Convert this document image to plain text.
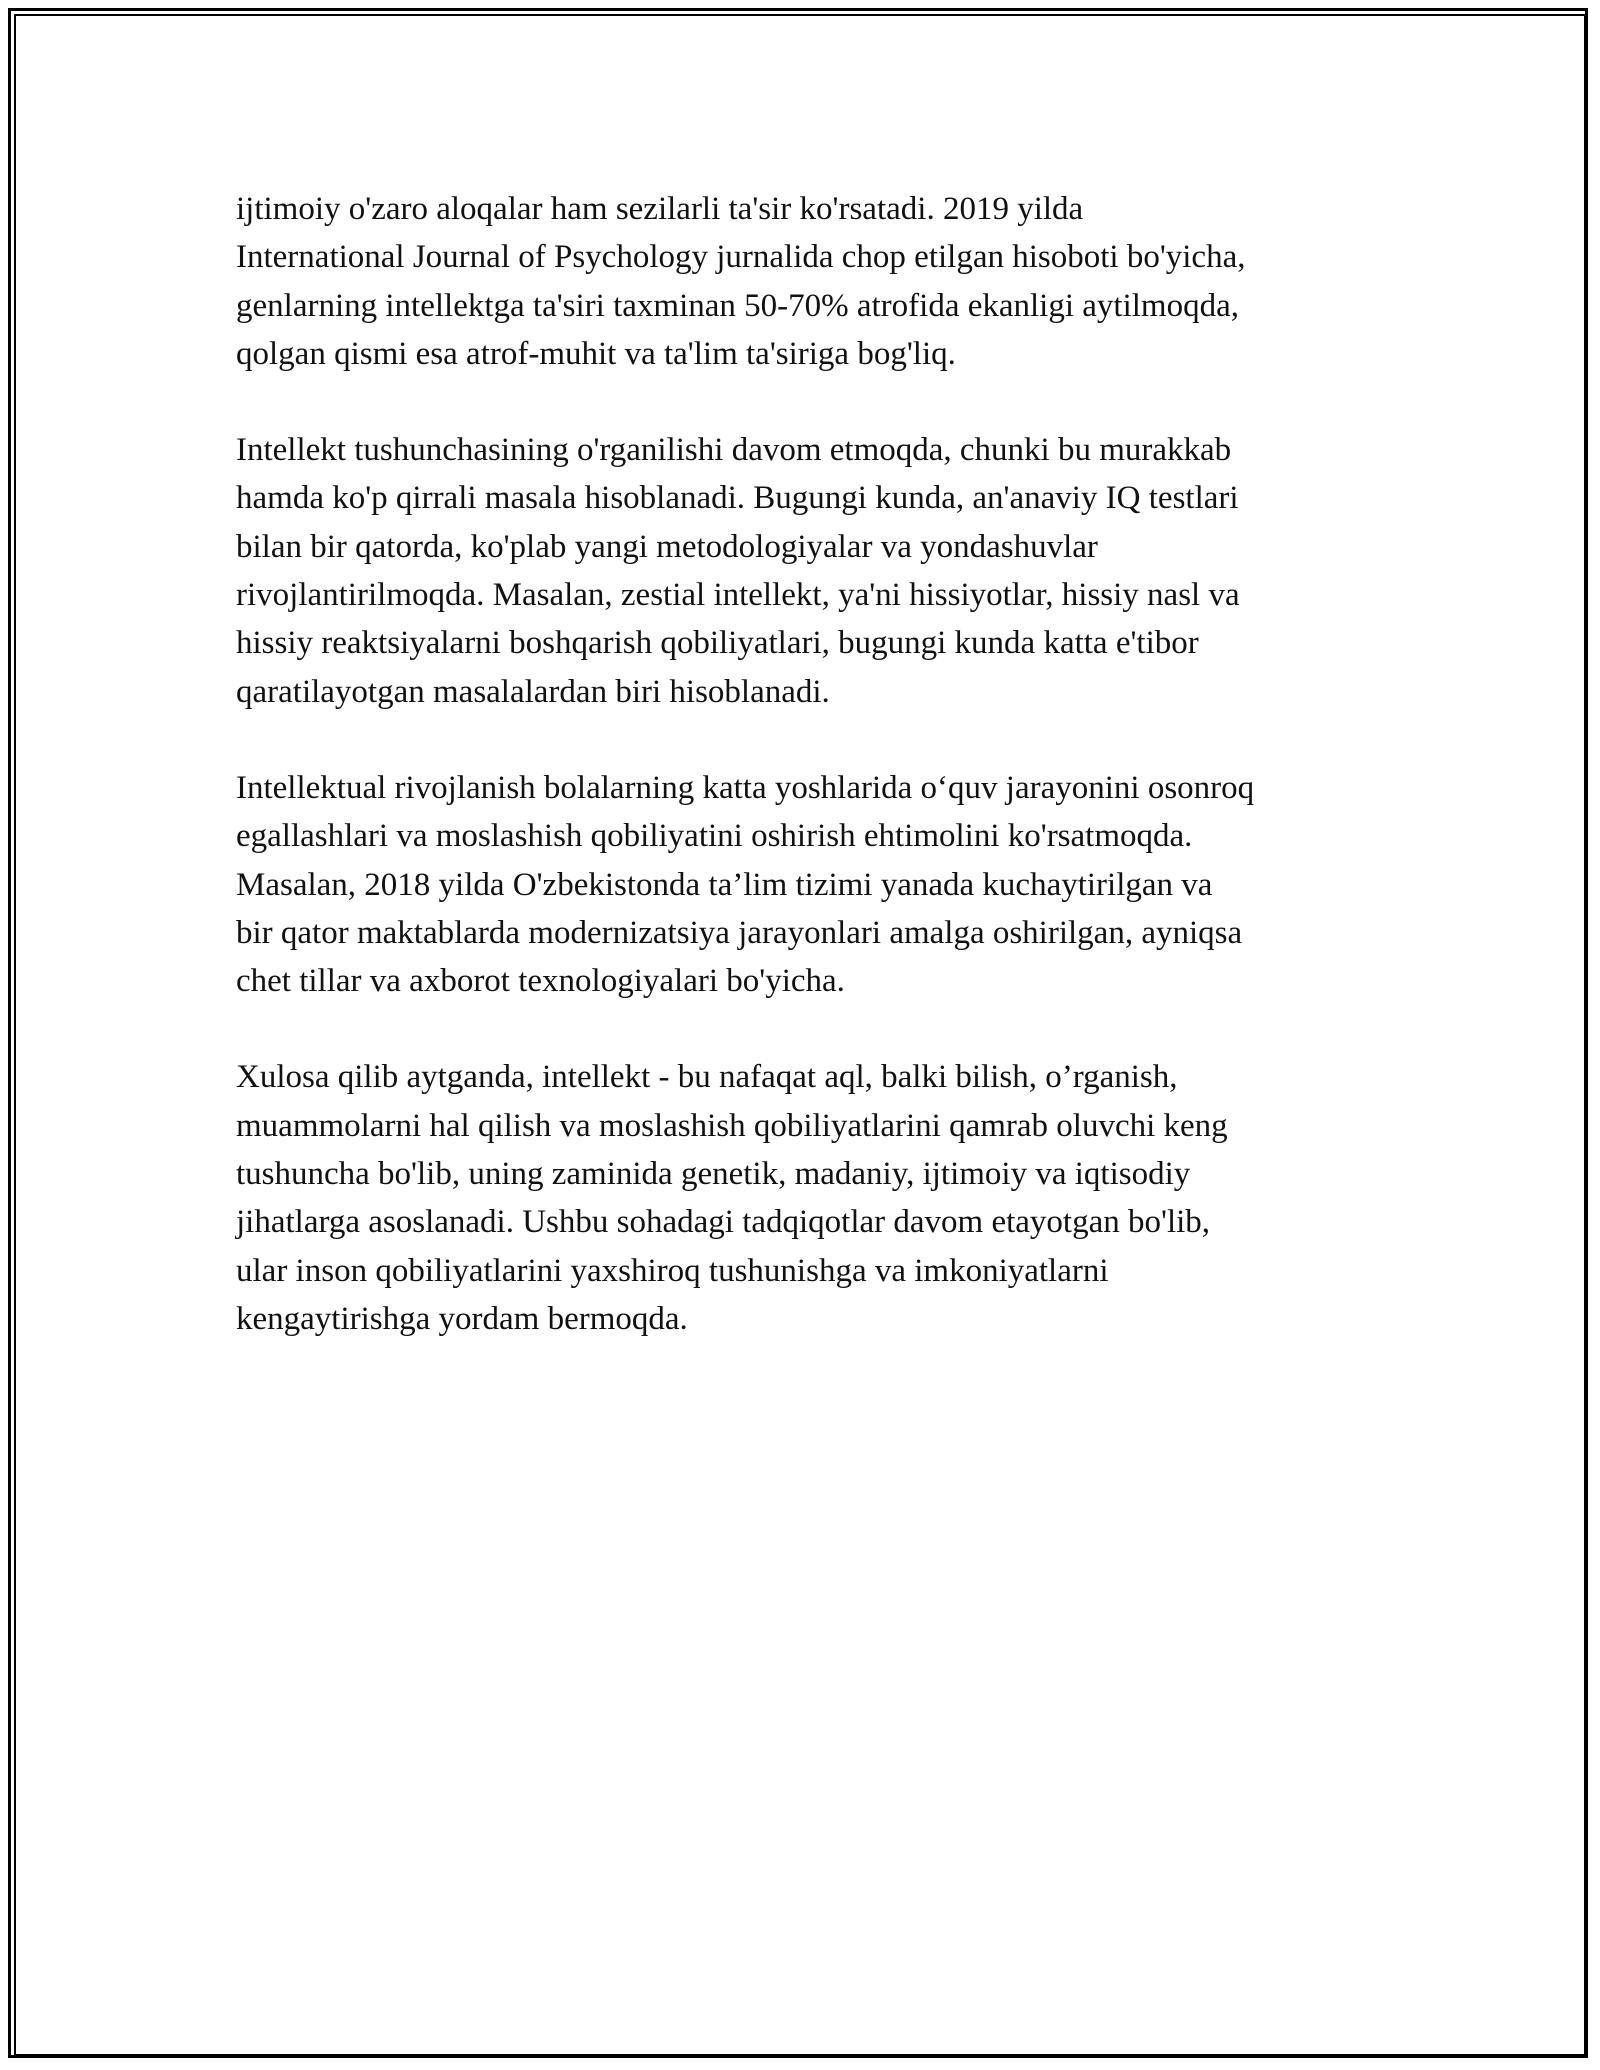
ijtimoiy o'zaro aloqalar ham sezilarli ta'sir ko'rsatadi. 2019 yilda
International Journal of Psychology jurnalida chop etilgan hisoboti bo'yicha,
genlarning intellektga ta'siri taxminan 50-70% atrofida ekanligi aytilmoqda,
qolgan qismi esa atrof-muhit va ta'lim ta'siriga bog'liq.

Intellekt tushunchasining o'rganilishi davom etmoqda, chunki bu murakkab
hamda ko'p qirrali masala hisoblanadi. Bugungi kunda, an'anaviy IQ testlari
bilan bir qatorda, ko'plab yangi metodologiyalar va yondashuvlar
rivojlantirilmoqda. Masalan, zestial intellekt, ya'ni hissiyotlar, hissiy nasl va
hissiy reaktsiyalarni boshqarish qobiliyatlari, bugungi kunda katta e'tibor
qaratilayotgan masalalardan biri hisoblanadi.

Intellektual rivojlanish bolalarning katta yoshlarida o‘quv jarayonini osonroq
egallashlari va moslashish qobiliyatini oshirish ehtimolini ko'rsatmoqda.
Masalan, 2018 yilda O'zbekistonda ta’lim tizimi yanada kuchaytirilgan va
bir qator maktablarda modernizatsiya jarayonlari amalga oshirilgan, ayniqsa
chet tillar va axborot texnologiyalari bo'yicha.

Xulosa qilib aytganda, intellekt - bu nafaqat aql, balki bilish, o’rganish,
muammolarni hal qilish va moslashish qobiliyatlarini qamrab oluvchi keng
tushuncha bo'lib, uning zaminida genetik, madaniy, ijtimoiy va iqtisodiy
jihatlarga asoslanadi. Ushbu sohadagi tadqiqotlar davom etayotgan bo'lib,
ular inson qobiliyatlarini yaxshiroq tushunishga va imkoniyatlarni
kengaytirishga yordam bermoqda.
